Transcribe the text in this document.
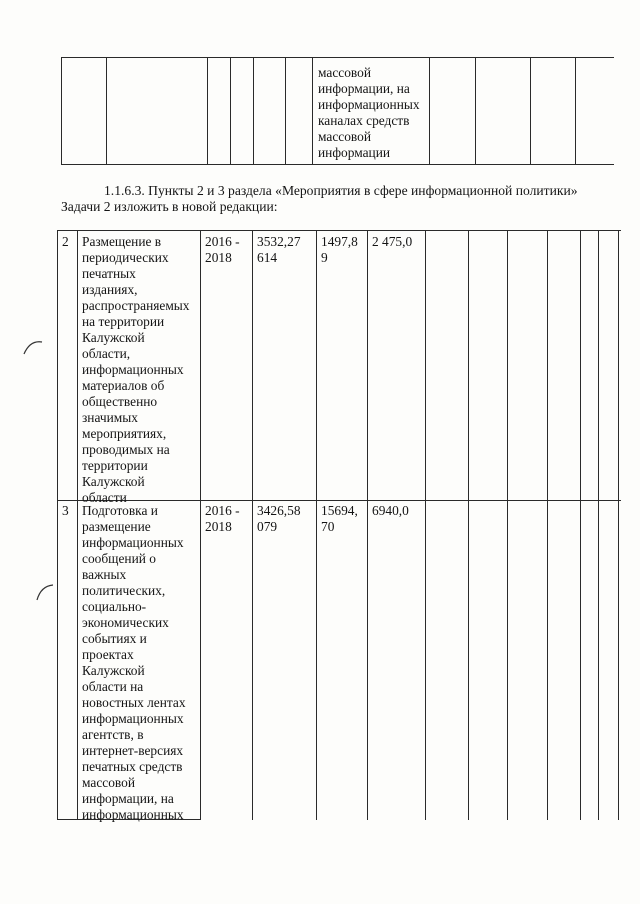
массовой
информации, на
информационных
каналах средств
массовой
информации
1.1.6.3. Пункты 2 и 3 раздела «Мероприятия в сфере информационной политики»
Задачи 2 изложить в новой редакции:
2 Размещение в
периодических
печатных
изданиях,
распространяемых
на территории
Калужской
области,
информационных
материалов об
общественно
значимых
мероприятиях,
проводимых на
территории
Калужской
области
2016 -
2018
3532,27
614
1497,8
9
2 475,0
3 Подготовка и
размещение
информационных
сообщений о
важных
политических,
социально-
экономических
событиях и
проектах
Калужской
области на
новостных лентах
информационных
агентств, в
интернет-версиях
печатных средств
массовой
информации, на
информационных
2016 -
2018
3426,58
079
15694,
70
6940,0
